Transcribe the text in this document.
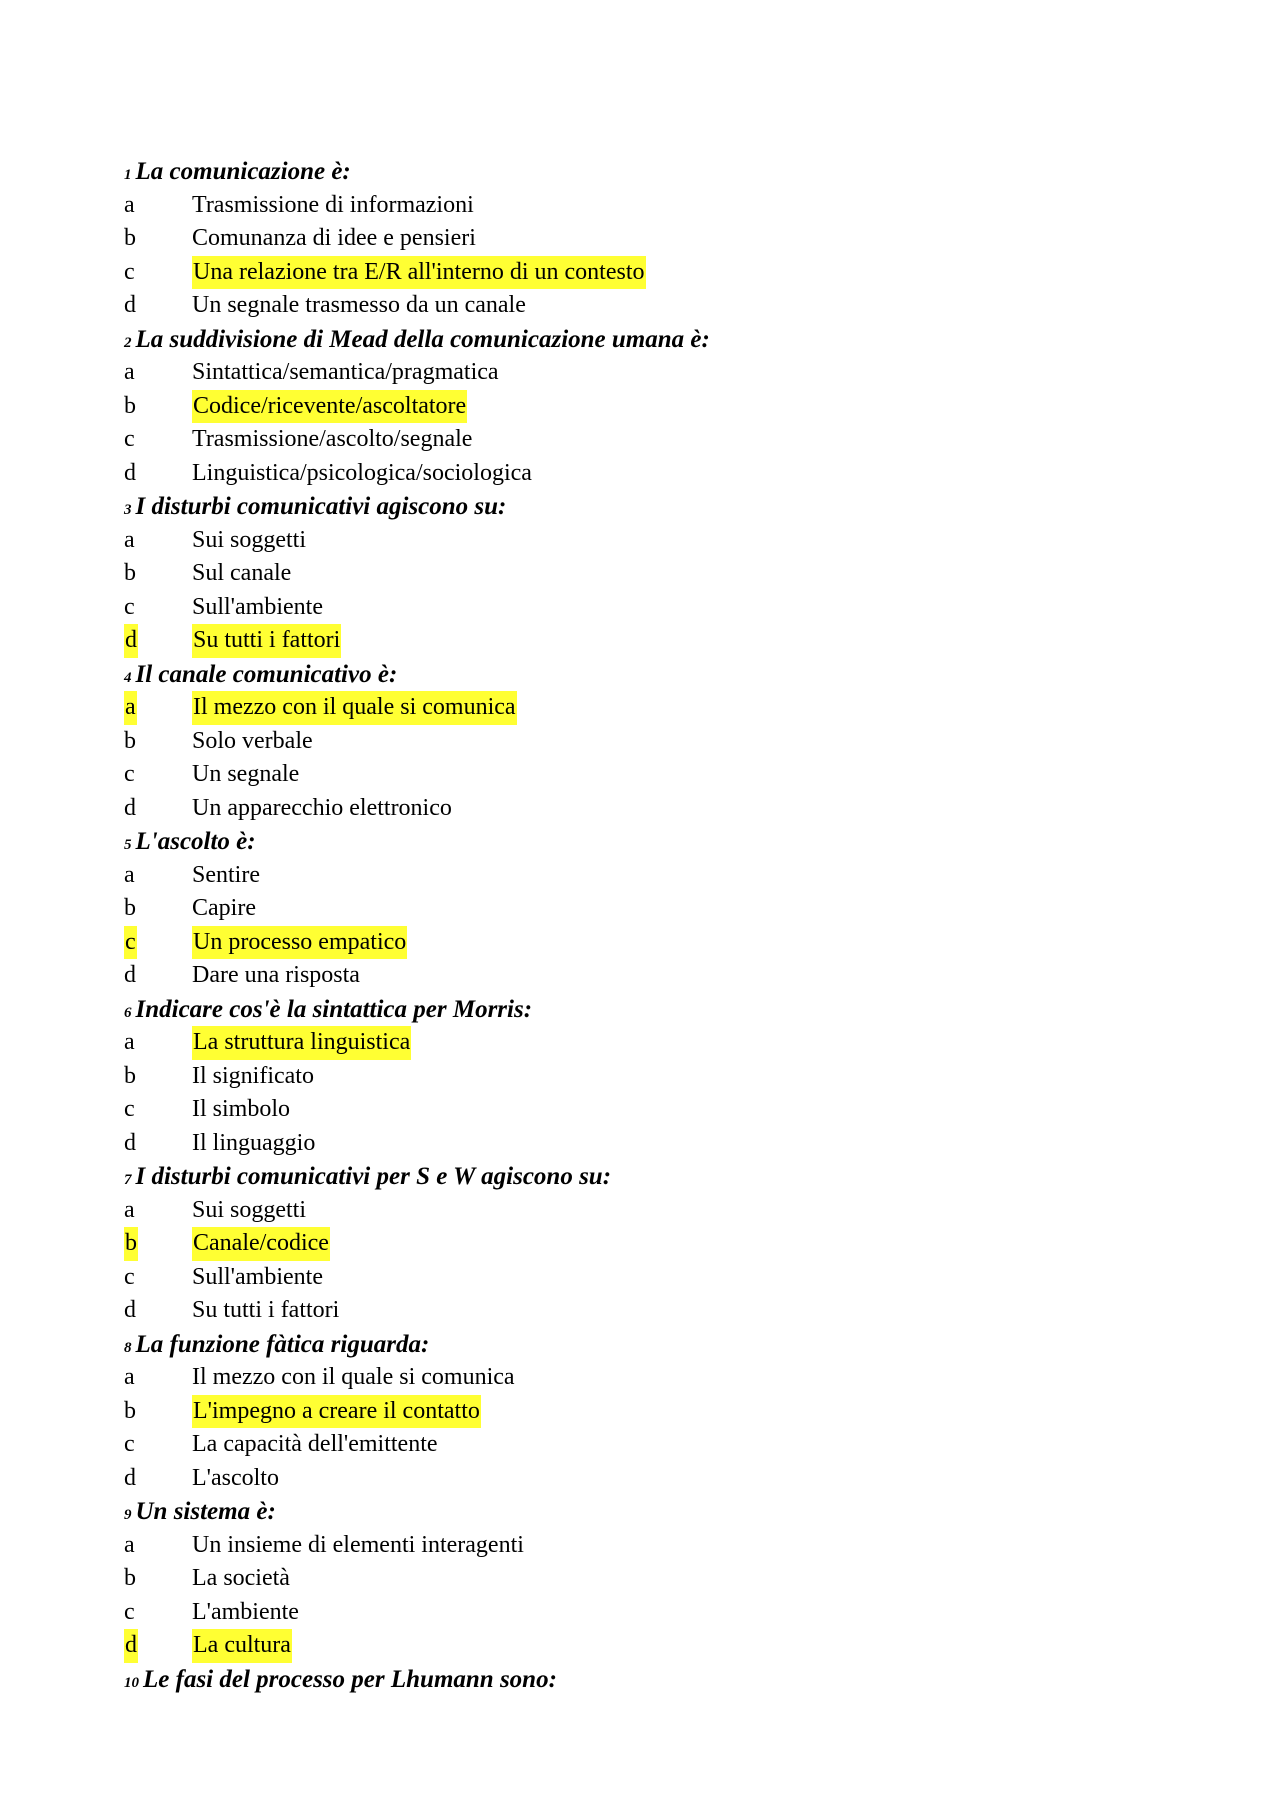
1 La comunicazione è:
a Trasmissione di informazioni
b Comunanza di idee e pensieri
c Una relazione tra E/R all'interno di un contesto
d Un segnale trasmesso da un canale
2 La suddivisione di Mead della comunicazione umana è:
a Sintattica/semantica/pragmatica
b Codice/ricevente/ascoltatore
c Trasmissione/ascolto/segnale
d Linguistica/psicologica/sociologica
3 I disturbi comunicativi agiscono su:
a Sui soggetti
b Sul canale
c Sull'ambiente
d Su tutti i fattori
4 Il canale comunicativo è:
a Il mezzo con il quale si comunica
b Solo verbale
c Un segnale
d Un apparecchio elettronico
5 L'ascolto è:
a Sentire
b Capire
c Un processo empatico
d Dare una risposta
6 Indicare cos'è la sintattica per Morris:
a La struttura linguistica
b Il significato
c Il simbolo
d Il linguaggio
7 I disturbi comunicativi per S e W agiscono su:
a Sui soggetti
b Canale/codice
c Sull'ambiente
d Su tutti i fattori
8 La funzione fàtica riguarda:
a Il mezzo con il quale si comunica
b L'impegno a creare il contatto
c La capacità dell'emittente
d L'ascolto
9 Un sistema è:
a Un insieme di elementi interagenti
b La società
c L'ambiente
d La cultura
10 Le fasi del processo per Lhumann sono:
